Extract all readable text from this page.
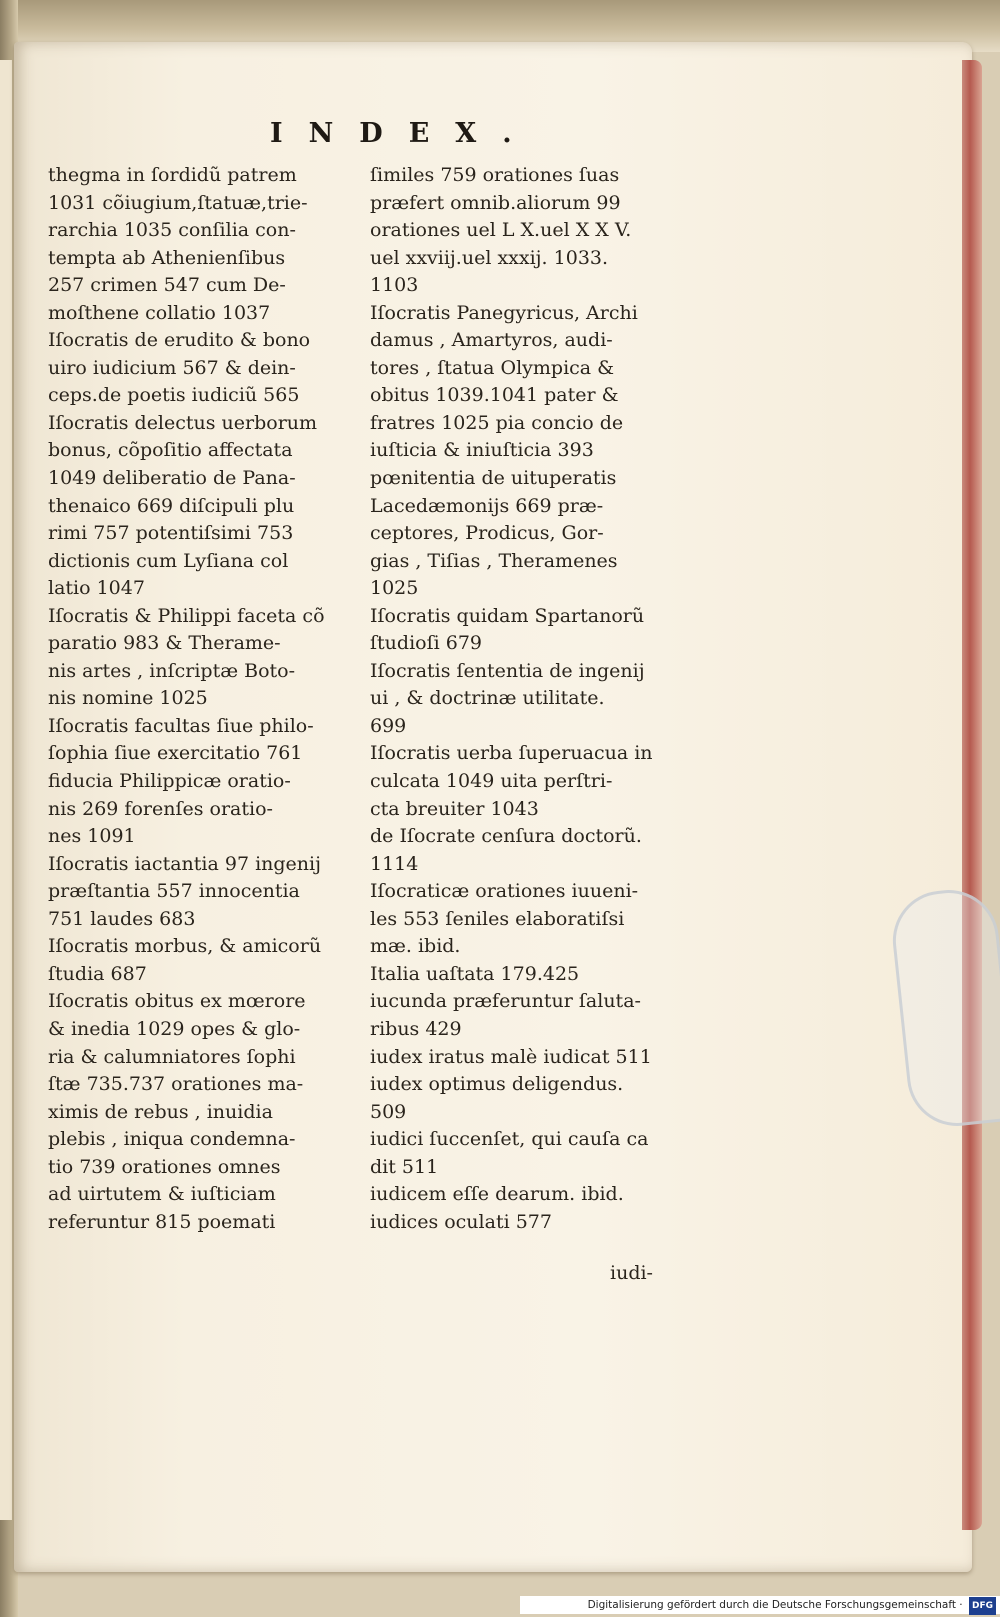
INDEX.
thegma in ſordidũ patrem
1031 cõiugium,ſtatuæ,trie-
rarchia 1035 conſilia con-
tempta ab Athenienſibus
257 crimen 547 cum De-
moſthene collatio 1037
Iſocratis de erudito & bono
uiro iudicium 567 & dein-
ceps.de poetis iudiciũ 565
Iſocratis delectus uerborum
bonus, cõpoſitio affectata
1049 deliberatio de Pana-
thenaico 669 diſcipuli plu
rimi 757 potentiſsimi 753
dictionis cum Lyſiana col
latio 1047
Iſocratis & Philippi faceta cõ
paratio 983 & Therame-
nis artes , inſcriptæ Boto-
nis nomine 1025
Iſocratis facultas ſiue philo-
ſophia ſiue exercitatio 761
fiducia Philippicæ oratio-
nis 269 forenſes oratio-
nes 1091
Iſocratis iactantia 97 ingenij
præſtantia 557 innocentia
751 laudes 683
Iſocratis morbus, & amicorũ
ſtudia 687
Iſocratis obitus ex mœrore
& inedia 1029 opes & glo-
ria & calumniatores ſophi
ſtæ 735.737 orationes ma-
ximis de rebus , inuidia
plebis , iniqua condemna-
tio 739 orationes omnes
ad uirtutem & iuſticiam
referuntur 815 poemati
ſimiles 759 orationes ſuas
præfert omnib.aliorum 99
orationes uel L X.uel X X V.
uel xxviij.uel xxxij. 1033.
1103
Iſocratis Panegyricus, Archi
damus , Amartyros, audi-
tores , ſtatua Olympica &
obitus 1039.1041 pater &
fratres 1025 pia concio de
iuſticia & iniuſticia 393
pœnitentia de uituperatis
Lacedæmonijs 669 præ-
ceptores, Prodicus, Gor-
gias , Tiſias , Theramenes
1025
Iſocratis quidam Spartanorũ
ſtudioſi 679
Iſocratis ſententia de ingenij
ui , & doctrinæ utilitate.
699
Iſocratis uerba ſuperuacua in
culcata 1049 uita perſtri-
cta breuiter 1043
de Iſocrate cenſura doctorũ.
1114
Iſocraticæ orationes iuueni-
les 553 ſeniles elaboratiſsi
mæ. ibid.
Italia uaſtata 179.425
iucunda præferuntur ſaluta-
ribus 429
iudex iratus malè iudicat 511
iudex optimus deligendus.
509
iudici ſuccenſet, qui cauſa ca
dit 511
iudicem eſſe dearum. ibid.
iudices oculati 577
iudi-
Digitalisierung gefördert durch die Deutsche Forschungsgemeinschaft · DFG
